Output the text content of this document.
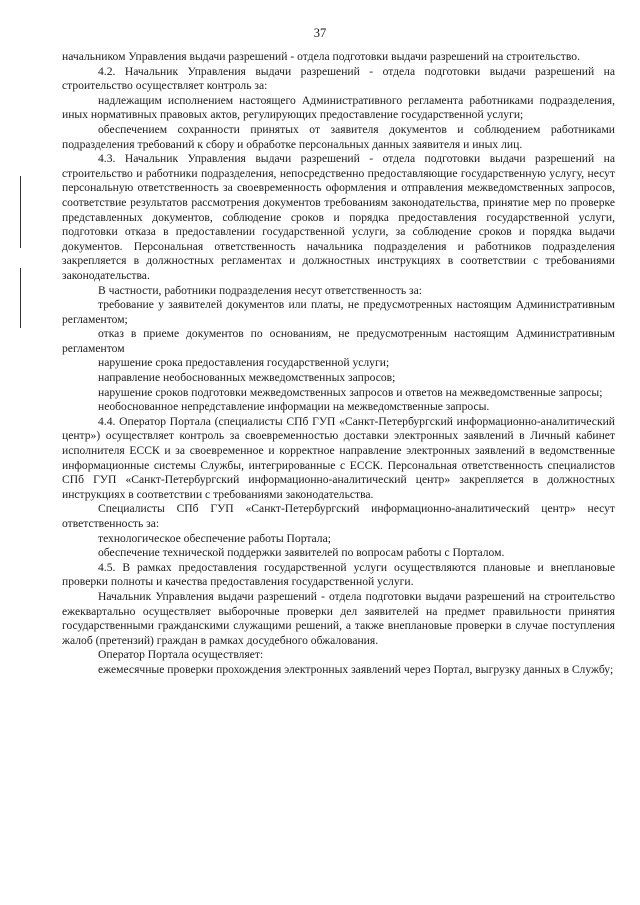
37

начальником Управления выдачи разрешений - отдела подготовки выдачи разрешений на строительство.

4.2. Начальник Управления выдачи разрешений - отдела подготовки выдачи разрешений на строительство осуществляет контроль за:

надлежащим исполнением настоящего Административного регламента работниками подразделения, иных нормативных правовых актов, регулирующих предоставление государственной услуги;

обеспечением сохранности принятых от заявителя документов и соблюдением работниками подразделения требований к сбору и обработке персональных данных заявителя и иных лиц.

4.3. Начальник Управления выдачи разрешений - отдела подготовки выдачи разрешений на строительство и работники подразделения, непосредственно предоставляющие государственную услугу, несут персональную ответственность за своевременность оформления и отправления межведомственных запросов, соответствие результатов рассмотрения документов требованиям законодательства, принятие мер по проверке представленных документов, соблюдение сроков и порядка предоставления государственной услуги, подготовки отказа в предоставлении государственной услуги, за соблюдение сроков и порядка выдачи документов. Персональная ответственность начальника подразделения и работников подразделения закрепляется в должностных регламентах и должностных инструкциях в соответствии с требованиями законодательства.

В частности, работники подразделения несут ответственность за:

требование у заявителей документов или платы, не предусмотренных настоящим Административным регламентом;

отказ в приеме документов по основаниям, не предусмотренным настоящим Административным регламентом

нарушение срока предоставления государственной услуги;

направление необоснованных межведомственных запросов;

нарушение сроков подготовки межведомственных запросов и ответов на межведомственные запросы;

необоснованное непредставление информации на межведомственные запросы.

4.4. Оператор Портала (специалисты СПб ГУП «Санкт-Петербургский информационно-аналитический центр») осуществляет контроль за своевременностью доставки электронных заявлений в Личный кабинет исполнителя ЕССК и за своевременное и корректное направление электронных заявлений в ведомственные информационные системы Службы, интегрированные с ЕССК. Персональная ответственность специалистов СПб ГУП «Санкт-Петербургский информационно-аналитический центр» закрепляется в должностных инструкциях в соответствии с требованиями законодательства.

Специалисты СПб ГУП «Санкт-Петербургский информационно-аналитический центр» несут ответственность за:

технологическое обеспечение работы Портала;

обеспечение технической поддержки заявителей по вопросам работы с Порталом.

4.5. В рамках предоставления государственной услуги осуществляются плановые и внеплановые проверки полноты и качества предоставления государственной услуги.

Начальник Управления выдачи разрешений - отдела подготовки выдачи разрешений на строительство ежеквартально осуществляет выборочные проверки дел заявителей на предмет правильности принятия государственными гражданскими служащими решений, а также внеплановые проверки в случае поступления жалоб (претензий) граждан в рамках досудебного обжалования.

Оператор Портала осуществляет:

ежемесячные проверки прохождения электронных заявлений через Портал, выгрузку данных в Службу;
